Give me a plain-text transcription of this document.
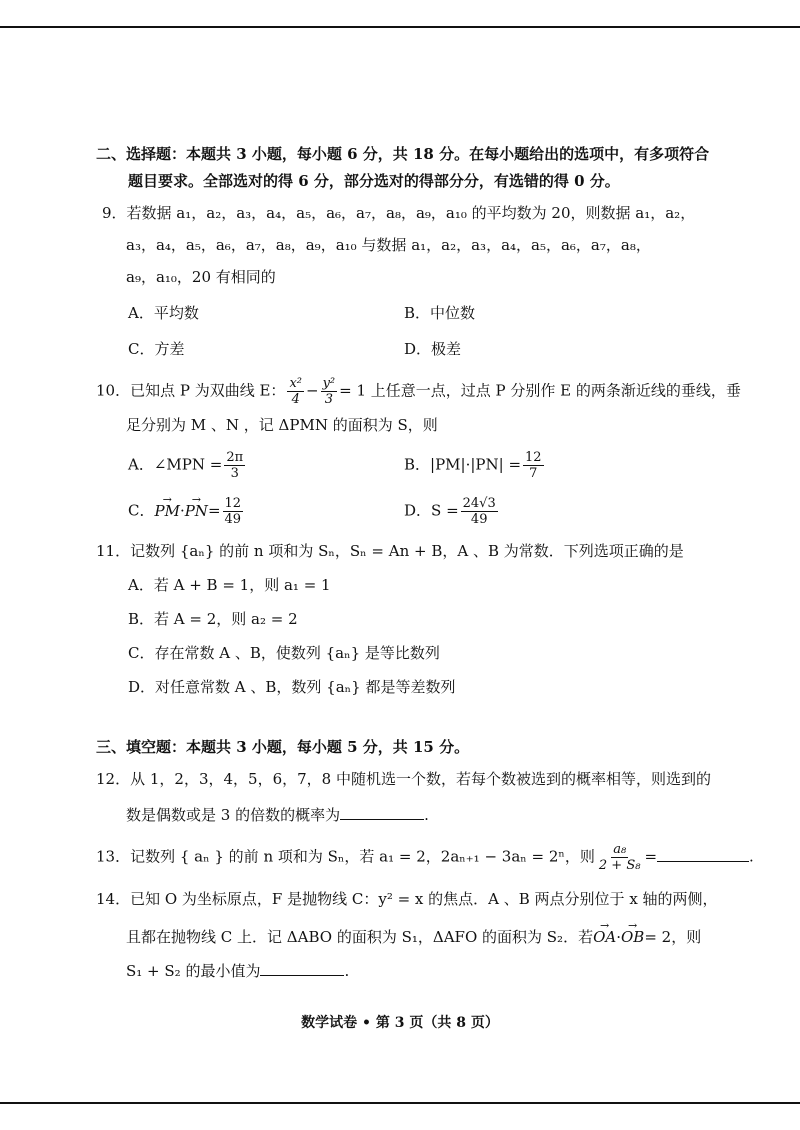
二、选择题：本题共 3 小题，每小题 6 分，共 18 分。在每小题给出的选项中，有多项符合
题目要求。全部选对的得 6 分，部分选对的得部分分，有选错的得 0 分。
9．若数据 a₁，a₂，a₃，a₄，a₅，a₆，a₇，a₈，a₉，a₁₀ 的平均数为 20，则数据 a₁，a₂，
a₃，a₄，a₅，a₆，a₇，a₈，a₉，a₁₀ 与数据 a₁，a₂，a₃，a₄，a₅，a₆，a₇，a₈，
a₉，a₁₀，20 有相同的
A．平均数	B．中位数
C．方差	D．极差
10．已知点 P 为双曲线 E： $\frac{\text{x²}}{4} - \frac{\text{y²}}{3} = 1$ 上任意一点，过点 P 分别作 E 的两条渐近线的垂线，垂
足分别为 M 、N ，记 ΔPMN 的面积为 S，则
A．∠MPN = $\frac{2\pi}{3}$	B．$|PM|\cdot|PN| = \frac{12}{7}$
C．→ $PM\cdot\to PN= \frac{12}{49}$	D．$S = \frac{24√3}{49}$
11．记数列 {aₙ} 的前 n 项和为 Sₙ，Sₙ = An + B，A 、B 为常数．下列选项正确的是
A．若 A + B = 1，则 a₁ = 1
B．若 A = 2，则 a₂ = 2
C．存在常数 A 、B，使数列 {aₙ} 是等比数列
D．对任意常数 A 、B，数列 {aₙ} 都是等差数列
三、填空题：本题共 3 小题，每小题 5 分，共 15 分。
12．从 1，2，3，4，5，6，7，8 中随机选一个数，若每个数被选到的概率相等，则选到的
数是偶数或是 3 的倍数的概率为	.
13．记数列 { aₙ } 的前 n 项和为 Sₙ，若 a₁ = 2，2aₙ₊₁ − 3aₙ = 2ⁿ，则 $\frac{\text{a₈}}{\text{2 + S₈}}$ =	.
14．已知 O 为坐标原点，F 是抛物线 C：y² = x 的焦点．A 、B 两点分别位于 x 轴的两侧，
且都在抛物线 C 上．记 ΔABO 的面积为 S₁，ΔAFO 的面积为 S₂．若→ OA·→ OB= 2，则
S₁ + S₂ 的最小值为	.
数学试卷 • 第 3 页（共 8 页）
